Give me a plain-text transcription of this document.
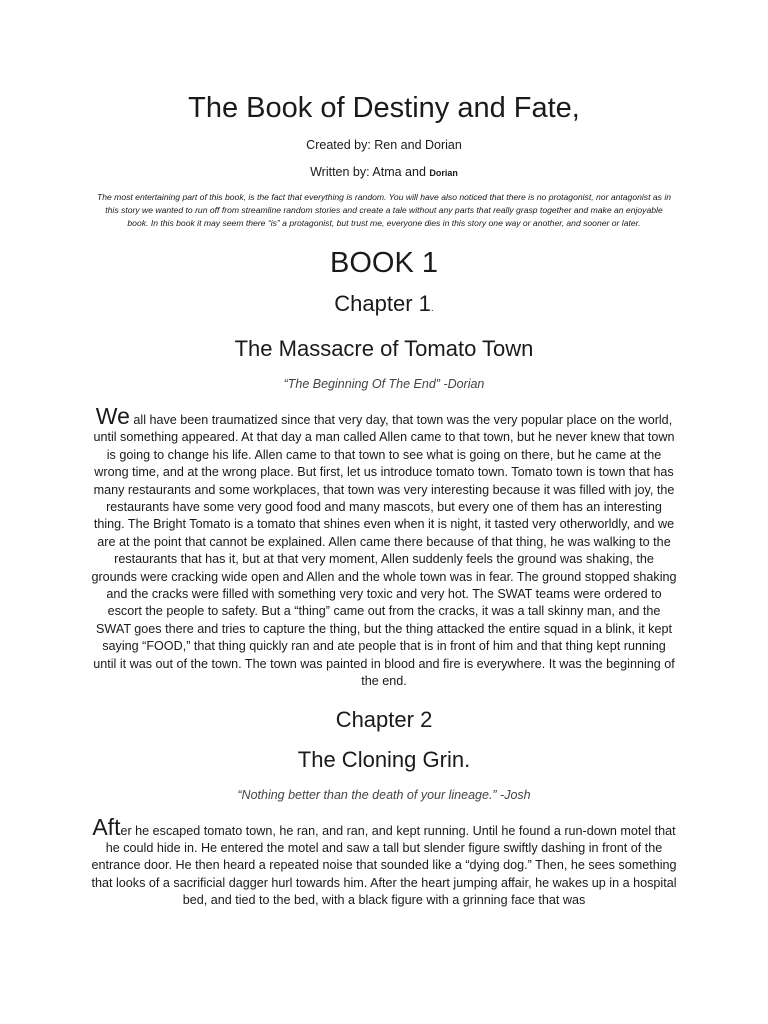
The Book of Destiny and Fate,
Created by: Ren and Dorian
Written by: Atma and Dorian

The most entertaining part of this book, is the fact that everything is random. You will have also noticed that there is no protagonist, nor antagonist as in this story we wanted to run off from streamline random stories and create a tale without any parts that really grasp together and make an enjoyable book. In this book it may seem there “is” a protagonist, but trust me, everyone dies in this story one way or another, and sooner or later.

BOOK 1
Chapter 1.
The Massacre of Tomato Town

“The Beginning Of The End” -Dorian

We all have been traumatized since that very day, that town was the very popular place on the world, until something appeared. At that day a man called Allen came to that town, but he never knew that town is going to change his life. Allen came to that town to see what is going on there, but he came at the wrong time, and at the wrong place. But first, let us introduce tomato town. Tomato town is town that has many restaurants and some workplaces, that town was very interesting because it was filled with joy, the restaurants have some very good food and many mascots, but every one of them has an interesting thing. The Bright Tomato is a tomato that shines even when it is night, it tasted very otherworldly, and we are at the point that cannot be explained. Allen came there because of that thing, he was walking to the restaurants that has it, but at that very moment, Allen suddenly feels the ground was shaking, the grounds were cracking wide open and Allen and the whole town was in fear. The ground stopped shaking and the cracks were filled with something very toxic and very hot. The SWAT teams were ordered to escort the people to safety. But a “thing” came out from the cracks, it was a tall skinny man, and the SWAT goes there and tries to capture the thing, but the thing attacked the entire squad in a blink, it kept saying “FOOD,” that thing quickly ran and ate people that is in front of him and that thing kept running until it was out of the town. The town was painted in blood and fire is everywhere. It was the beginning of the end.

Chapter 2
The Cloning Grin.

“Nothing better than the death of your lineage.” -Josh

After he escaped tomato town, he ran, and ran, and kept running. Until he found a run-down motel that he could hide in. He entered the motel and saw a tall but slender figure swiftly dashing in front of the entrance door. He then heard a repeated noise that sounded like a “dying dog.” Then, he sees something that looks of a sacrificial dagger hurl towards him. After the heart jumping affair, he wakes up in a hospital bed, and tied to the bed, with a black figure with a grinning face that was
